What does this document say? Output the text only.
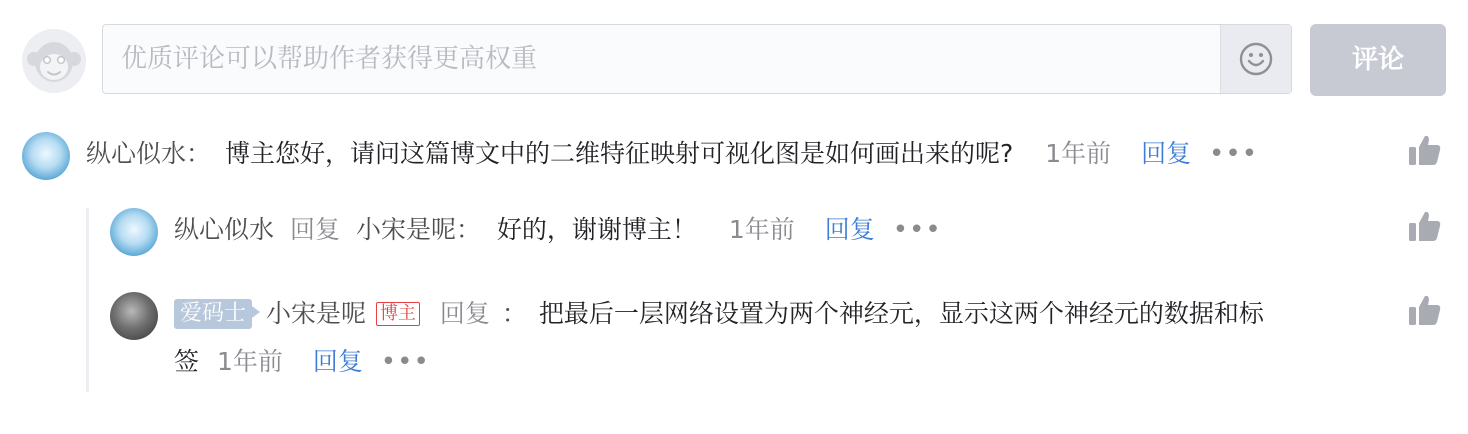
优质评论可以帮助作者获得更高权重	评论
纵心似水： 博主您好，请问这篇博文中的二维特征映射可视化图是如何画出来的呢? 1年前 回复 •••
纵心似水 回复 小宋是呢： 好的，谢谢博主！ 1年前 回复 •••
爱码士 小宋是呢 博主 回复 ： 把最后一层网络设置为两个神经元，显示这两个神经元的数据和标
签 1年前 回复 •••
